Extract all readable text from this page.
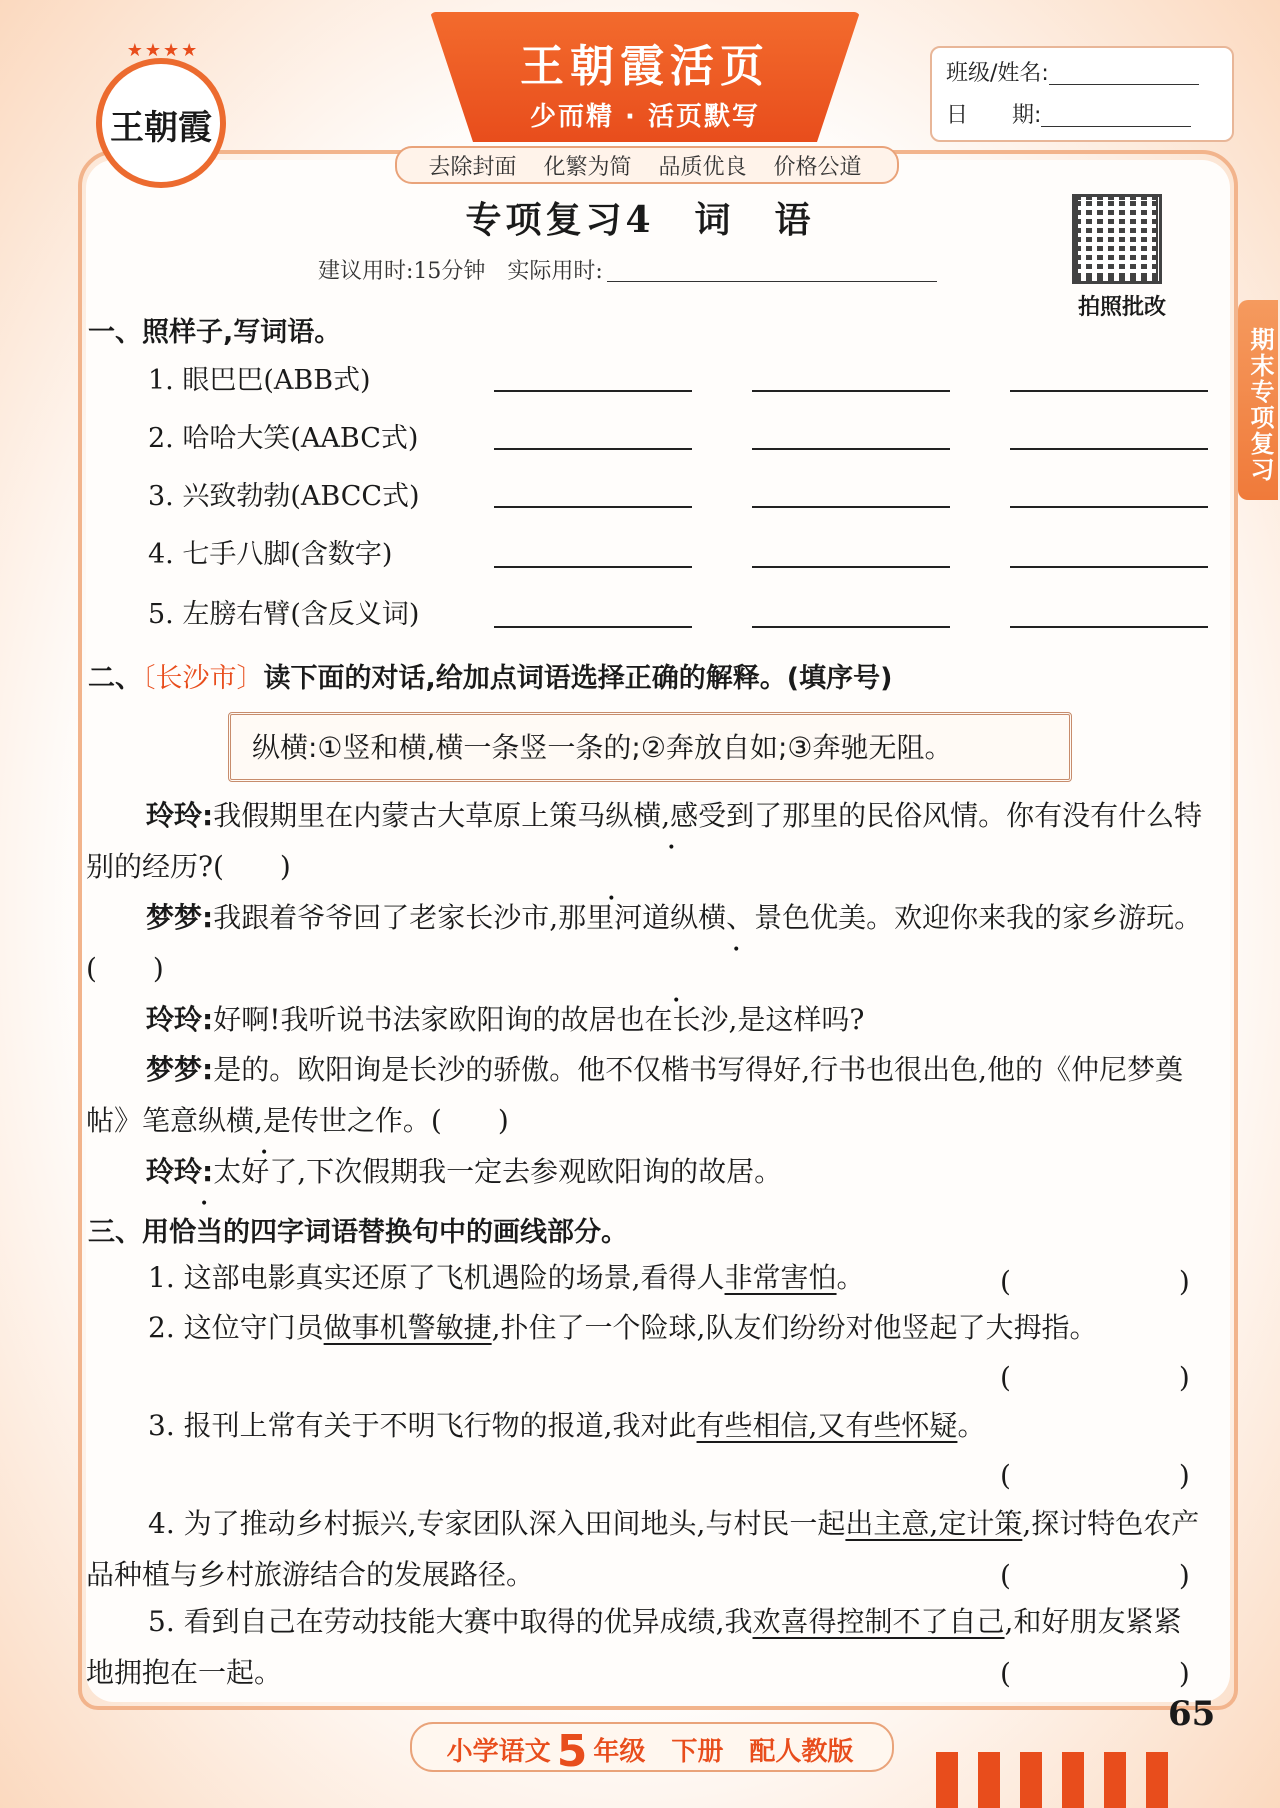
王朝霞活页
少而精 · 活页默写
★★★★
王朝霞
去除封面 化繁为简 品质优良 价格公道
班级/姓名:
日　　期:
专项复习4　词　语
建议用时:15分钟　实际用时:
拍照批改
期末专项复习
一、照样子,写词语。
1. 眼巴巴(ABB式)
2. 哈哈大笑(AABC式)
3. 兴致勃勃(ABCC式)
4. 七手八脚(含数字)
5. 左膀右臂(含反义词)
二、〔长沙市〕读下面的对话,给加点词语选择正确的解释。(填序号)
纵横:①竖和横,横一条竖一条的;②奔放自如;③奔驰无阻。
玲玲:我假期里在内蒙古大草原上策马纵横 • •,感受到了那里的民俗风情。你有没有什么特别的经历?(　　)
梦梦:我跟着爷爷回了老家长沙市,那里河道纵横 • •、景色优美。欢迎你来我的家乡游玩。(　　)
玲玲:好啊!我听说书法家欧阳询的故居也在长沙,是这样吗?
梦梦:是的。欧阳询是长沙的骄傲。他不仅楷书写得好,行书也很出色,他的《仲尼梦奠帖》笔意纵横 • •,是传世之作。(　　)
玲玲:太好了,下次假期我一定去参观欧阳询的故居。
三、用恰当的四字词语替换句中的画线部分。
1. 这部电影真实还原了飞机遇险的场景,看得人非常害怕。	(　　　　　　)
2. 这位守门员做事机警敏捷,扑住了一个险球,队友们纷纷对他竖起了大拇指。
(　　　　　　)
3. 报刊上常有关于不明飞行物的报道,我对此有些相信,又有些怀疑。
(　　　　　　)
4. 为了推动乡村振兴,专家团队深入田间地头,与村民一起出主意,定计策,探讨特色农产品种植与乡村旅游结合的发展路径。	(　　　　　　)
5. 看到自己在劳动技能大赛中取得的优异成绩,我欢喜得控制不了自己,和好朋友紧紧地拥抱在一起。	(　　　　　　)
小学语文 5 年级　下册　配人教版
65
